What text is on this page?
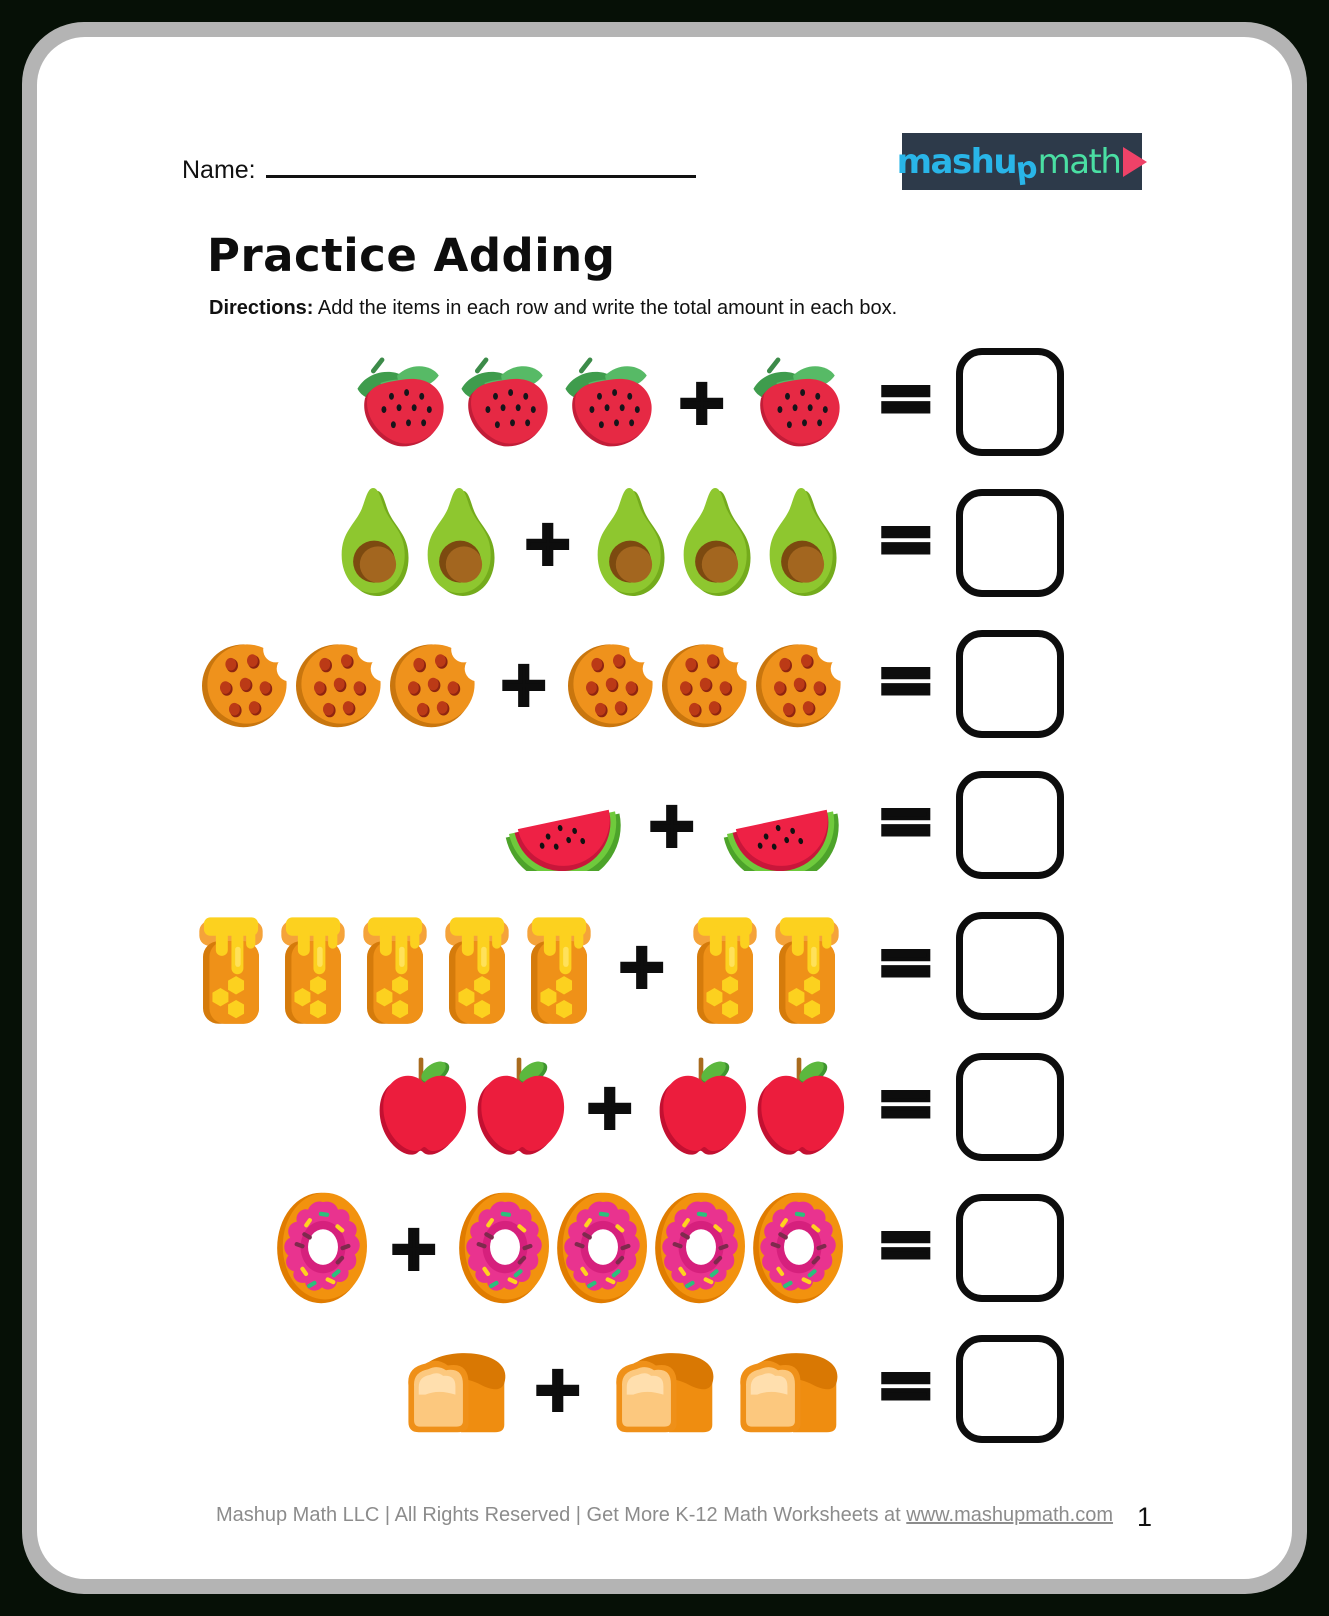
Name:	mashu
p
math
Practice Adding
Directions: Add the items in each row and write the total amount in each box.
+ =
+	=
+	=
+ =
+	=
+	=
+	=
+	=
Mashup Math LLC | All Rights Reserved | Get More K-12 Math Worksheets at www.mashupmath.com 1
